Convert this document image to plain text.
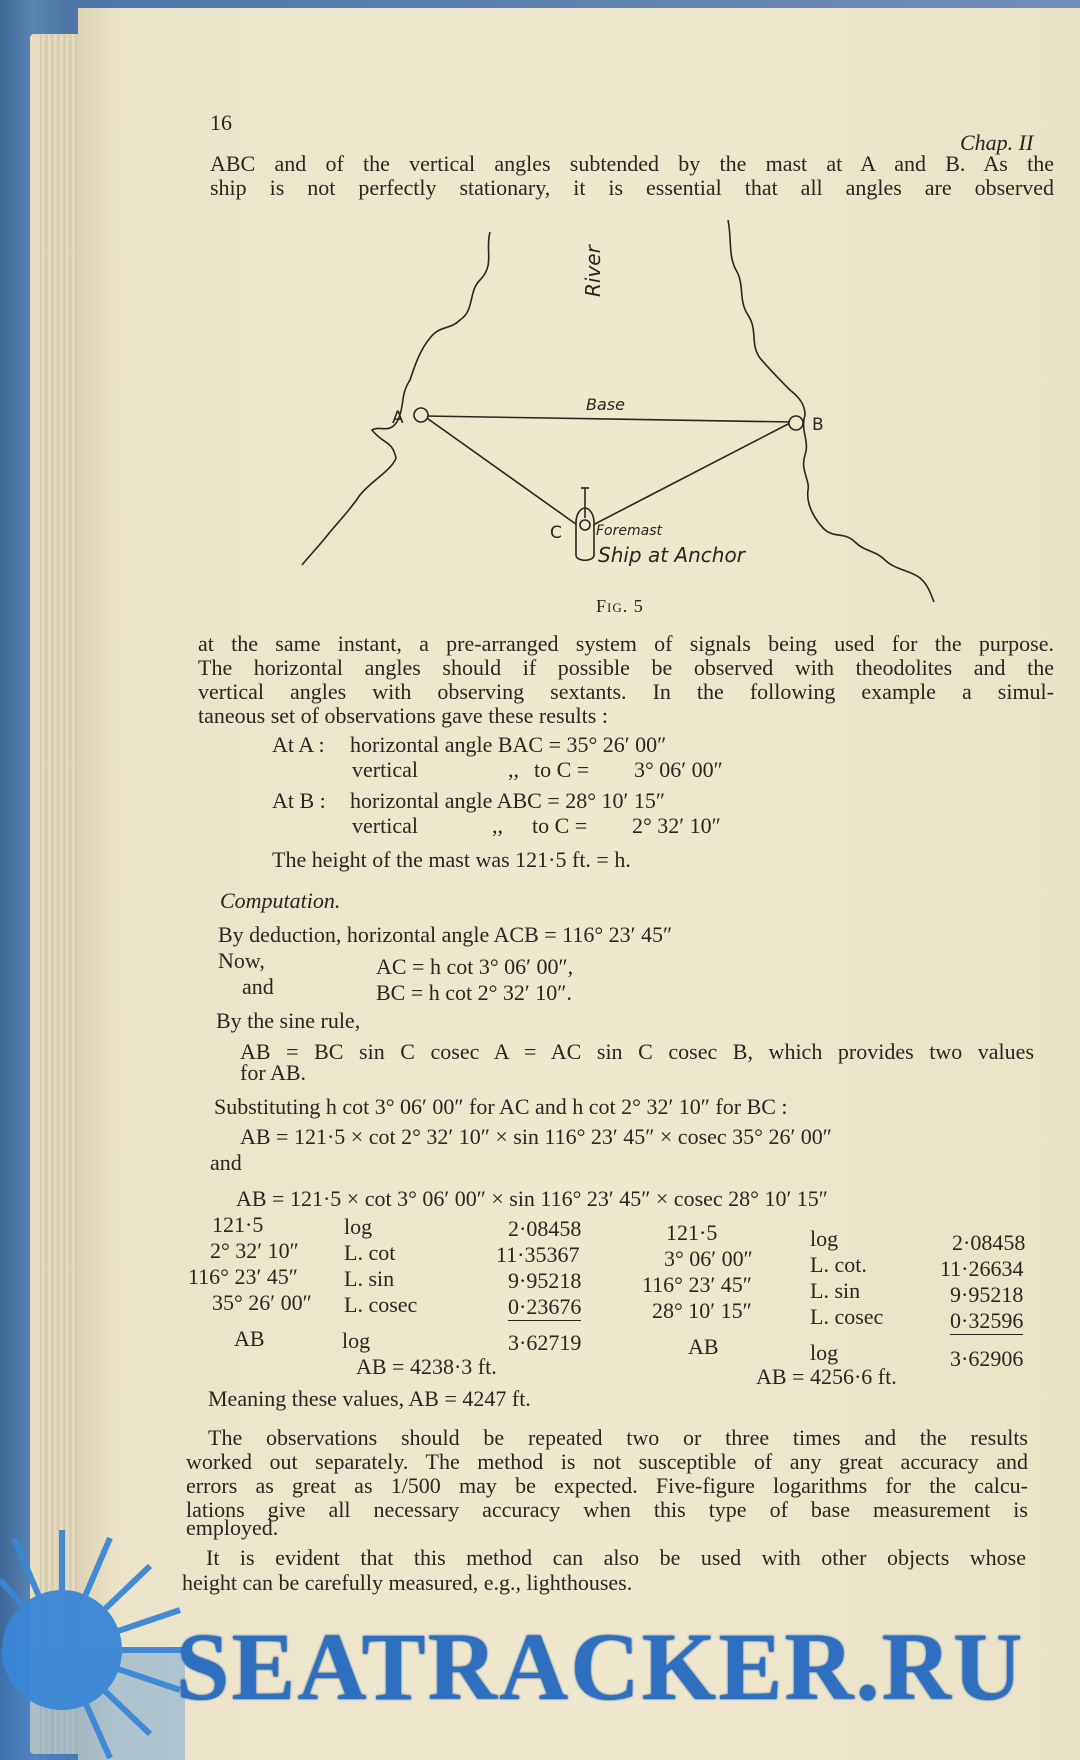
16
Chap. II
ABC and of the vertical angles subtended by the mast at A and B. As the
ship is not perfectly stationary, it is essential that all angles are observed
River
A	B
C
Base
Foremast
Ship at Anchor
Fig. 5
at the same instant, a pre-arranged system of signals being used for the purpose.
The horizontal angles should if possible be observed with theodolites and the
vertical angles with observing sextants. In the following example a simul-
taneous set of observations gave these results :
At A : horizontal angle BAC = 35° 26′ 00″
vertical	,, to C = 3° 06′ 00″
At B : horizontal angle ABC = 28° 10′ 15″
vertical	,, to C = 2° 32′ 10″
The height of the mast was 121·5 ft. = h.
Computation.
By deduction, horizontal angle ACB = 116° 23′ 45″
Now,	AC = h cot 3° 06′ 00″,
and	BC = h cot 2° 32′ 10″.
By the sine rule,
AB = BC sin C cosec A = AC sin C cosec B, which provides two values
for AB.
Substituting h cot 3° 06′ 00″ for AC and h cot 2° 32′ 10″ for BC :
AB = 121·5 × cot 2° 32′ 10″ × sin 116° 23′ 45″ × cosec 35° 26′ 00″
and
AB = 121·5 × cot 3° 06′ 00″ × sin 116° 23′ 45″ × cosec 28° 10′ 15″
121·5	log	2·08458
2° 32′ 10″ L. cot	11·35367
116° 23′ 45″ L. sin	9·95218
35° 26′ 00″ L. cosec	0·23676
AB	log	3·62719
AB = 4238·3 ft.
121·5	log	2·08458
3° 06′ 00″	L. cot.	11·26634
116° 23′ 45″	L. sin	9·95218
28° 10′ 15″	L. cosec	0·32596
AB	log	3·62906
AB = 4256·6 ft.
Meaning these values, AB = 4247 ft.
The observations should be repeated two or three times and the results
worked out separately. The method is not susceptible of any great accuracy and
errors as great as 1/500 may be expected. Five-figure logarithms for the calcu-
lations give all necessary accuracy when this type of base measurement is
employed.
It is evident that this method can also be used with other objects whose
height can be carefully measured, e.g., lighthouses.
SEATRACKER.RU
